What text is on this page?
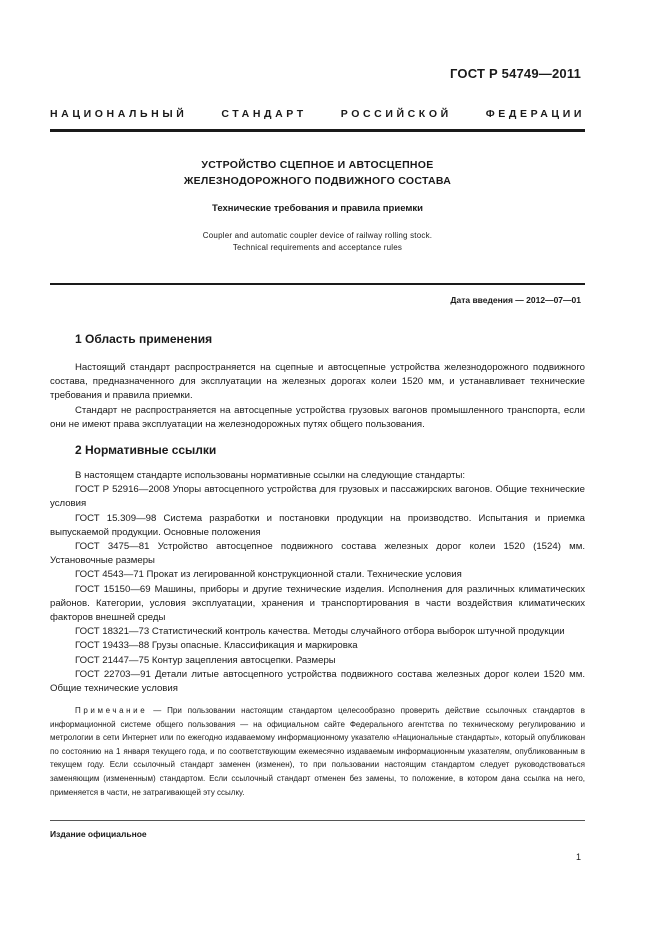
ГОСТ Р 54749—2011
НАЦИОНАЛЬНЫЙ	СТАНДАРТ	РОССИЙСКОЙ	ФЕДЕРАЦИИ
УСТРОЙСТВО СЦЕПНОЕ И АВТОСЦЕПНОЕ
ЖЕЛЕЗНОДОРОЖНОГО ПОДВИЖНОГО СОСТАВА
Технические требования и правила приемки
Coupler and automatic coupler device of railway rolling stock.
Technical requirements and acceptance rules
Дата введения — 2012—07—01
1 Область применения

Настоящий стандарт распространяется на сцепные и автосцепные устройства железнодорожного подвижного состава, предназначенного для эксплуатации на железных дорогах колеи 1520 мм, и устанавливает технические требования и правила приемки.

Стандарт не распространяется на автосцепные устройства грузовых вагонов промышленного транспорта, если они не имеют права эксплуатации на железнодорожных путях общего пользования.

2 Нормативные ссылки

В настоящем стандарте использованы нормативные ссылки на следующие стандарты:

ГОСТ Р 52916—2008 Упоры автосцепного устройства для грузовых и пассажирских вагонов. Общие технические условия

ГОСТ 15.309—98 Система разработки и постановки продукции на производство. Испытания и приемка выпускаемой продукции. Основные положения

ГОСТ 3475—81 Устройство автосцепное подвижного состава железных дорог колеи 1520 (1524) мм. Установочные размеры

ГОСТ 4543—71 Прокат из легированной конструкционной стали. Технические условия

ГОСТ 15150—69 Машины, приборы и другие технические изделия. Исполнения для различных климатических районов. Категории, условия эксплуатации, хранения и транспортирования в части воздействия климатических факторов внешней среды

ГОСТ 18321—73 Статистический контроль качества. Методы случайного отбора выборок штучной продукции

ГОСТ 19433—88 Грузы опасные. Классификация и маркировка

ГОСТ 21447—75 Контур зацепления автосцепки. Размеры

ГОСТ 22703—91 Детали литые автосцепного устройства подвижного состава железных дорог колеи 1520 мм. Общие технические условия

Примечание — При пользовании настоящим стандартом целесообразно проверить действие ссылочных стандартов в информационной системе общего пользования — на официальном сайте Федерального агентства по техническому регулированию и метрологии в сети Интернет или по ежегодно издаваемому информационному указателю «Национальные стандарты», который опубликован по состоянию на 1 января текущего года, и по соответствующим ежемесячно издаваемым информационным указателям, опубликованным в текущем году. Если ссылочный стандарт заменен (изменен), то при пользовании настоящим стандартом следует руководствоваться заменяющим (измененным) стандартом. Если ссылочный стандарт отменен без замены, то положение, в котором дана ссылка на него, применяется в части, не затрагивающей эту ссылку.

Издание официальное
1
